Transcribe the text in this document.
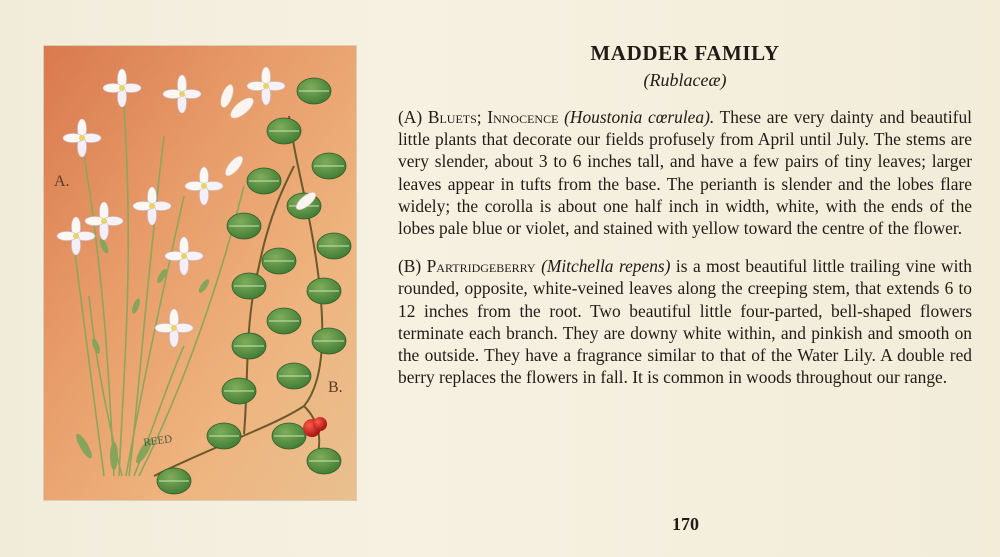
A.
B.
REED
MADDER FAMILY

(Rublaceæ)

(A) Bluets; Innocence (Houstonia cœrulea). These are very dainty and beautiful little plants that decorate our fields profusely from April until July. The stems are very slender, about 3 to 6 inches tall, and have a few pairs of tiny leaves; larger leaves appear in tufts from the base. The perianth is slender and the lobes flare widely; the corolla is about one half inch in width, white, with the ends of the lobes pale blue or violet, and stained with yellow toward the centre of the flower.

(B) Partridgeberry (Mitchella repens) is a most beautiful little trailing vine with rounded, opposite, white-veined leaves along the creeping stem, that extends 6 to 12 inches from the root. Two beautiful little four-parted, bell-shaped flowers terminate each branch. They are downy white within, and pinkish and smooth on the outside. They have a fragrance similar to that of the Water Lily. A double red berry replaces the flowers in fall. It is common in woods throughout our range.

170
